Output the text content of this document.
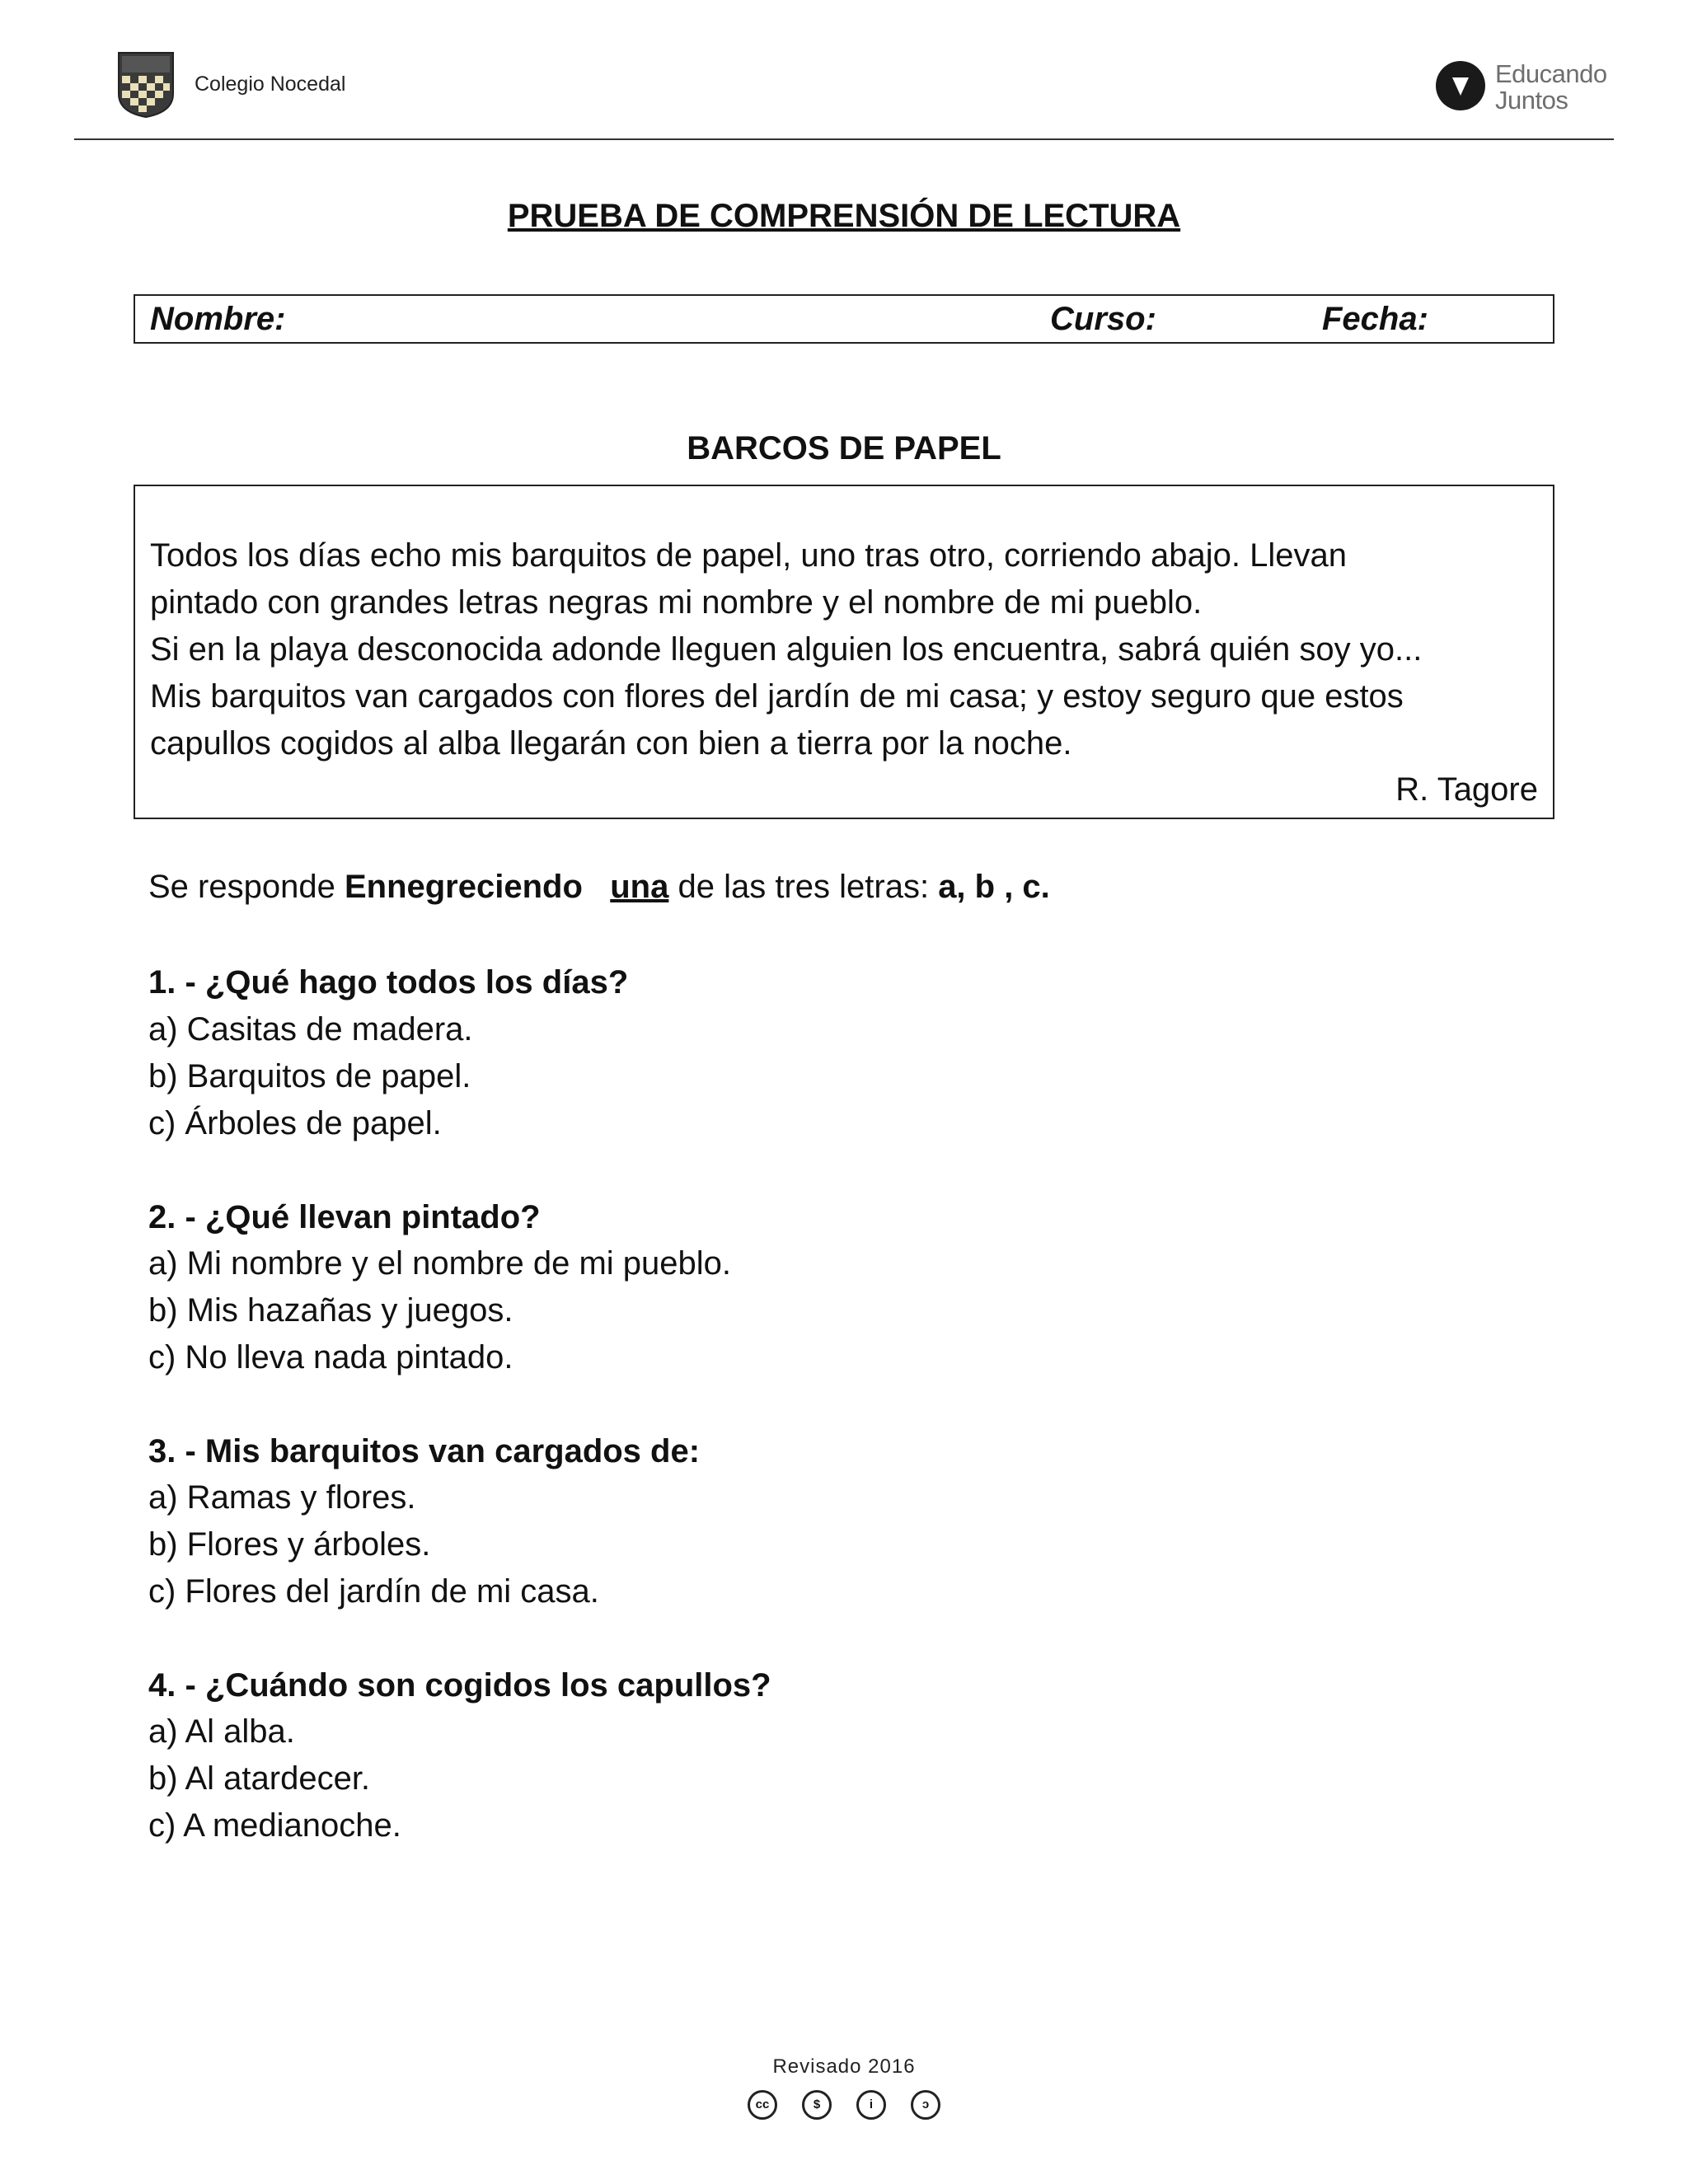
Colegio Nocedal	Educando
Juntos
PRUEBA DE COMPRENSIÓN DE LECTURA
Nombre:	Curso:	Fecha:
BARCOS DE PAPEL
Todos los días echo mis barquitos de papel, uno tras otro, corriendo abajo. Llevan
pintado con grandes letras negras mi nombre y el nombre de mi pueblo.
Si en la playa desconocida adonde lleguen alguien los encuentra, sabrá quién soy yo...
Mis barquitos van cargados con flores del jardín de mi casa; y estoy seguro que estos
capullos cogidos al alba llegarán con bien a tierra por la noche.
R. Tagore
Se responde Ennegreciendo una de las tres letras: a, b , c.
1. - ¿Qué hago todos los días?
a) Casitas de madera.
b) Barquitos de papel.
c) Árboles de papel.
2. - ¿Qué llevan pintado?
a) Mi nombre y el nombre de mi pueblo.
b) Mis hazañas y juegos.
c) No lleva nada pintado.
3. - Mis barquitos van cargados de:
a) Ramas y flores.
b) Flores y árboles.
c) Flores del jardín de mi casa.
4. - ¿Cuándo son cogidos los capullos?
a) Al alba.
b) Al atardecer.
c) A medianoche.
Revisado 2016
cc	$	i	ↄ
